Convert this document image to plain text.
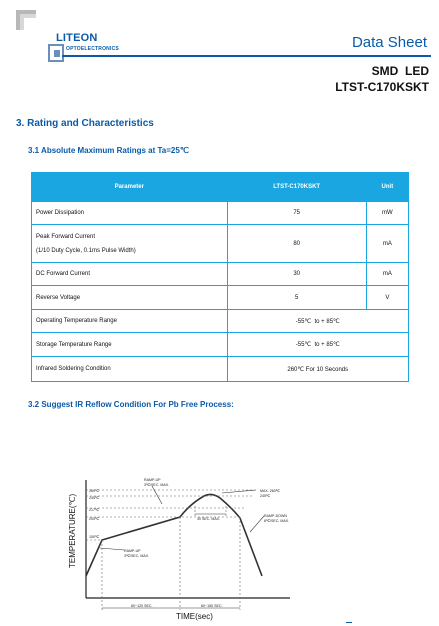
LITEON
OPTOELECTRONICS	Data Sheet
SMD  LED
LTST-C170KSKT
3. Rating and Characteristics
3.1 Absolute Maximum Ratings at Ta=25℃
Parameter	LTST-C170KSKT	Unit
Power Dissipation	75	mW

Peak Forward Current
(1/10 Duty Cycle, 0.1ms Pulse Width)	80	mA
DC Forward Current	30	mA
Reverse Voltage	5	V
Operating Temperature Range	-55℃  to + 85℃	
Storage Temperature Range	-55℃  to + 85℃	
Infrared Soldering Condition	260℃ For 10 Seconds	
3.2 Suggest IR Reflow Condition For Pb Free Process:
260℃
245℃
217℃
200℃
150℃
RAMP-UP
3℃/SEC. MAX.
MAX. 260℃
245℃
RAMP-DOWN
6℃/SEC. MAX.
30 SEC. MAX.
RAMP-UP
3℃/SEC. MAX.
60~120 SEC.	60~150 SEC.
TEMPERATURE(℃)
TIME(sec)
